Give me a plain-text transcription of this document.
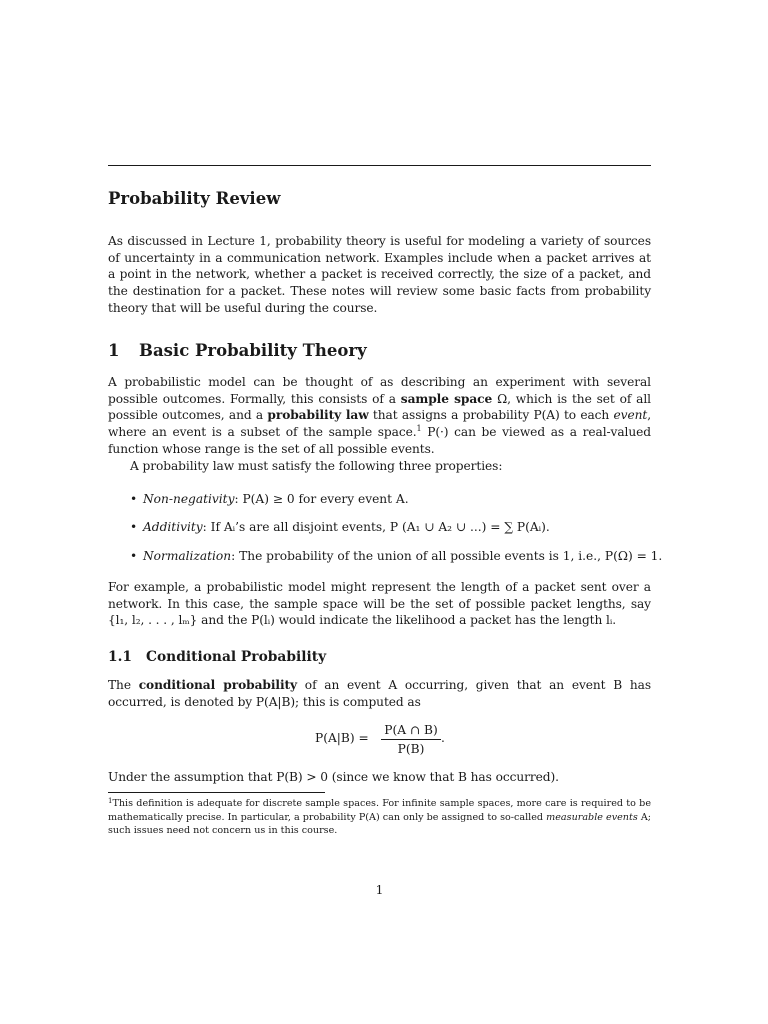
Probability Review

As discussed in Lecture 1, probability theory is useful for modeling a variety of sources of uncertainty in a communication network. Examples include when a packet arrives at a point in the network, whether a packet is received correctly, the size of a packet, and the destination for a packet. These notes will review some basic facts from probability theory that will be useful during the course.

1 Basic Probability Theory

A probabilistic model can be thought of as describing an experiment with several possible outcomes. Formally, this consists of a sample space Ω, which is the set of all possible outcomes, and a probability law that assigns a probability P(A) to each event, where an event is a subset of the sample space.$^1$ P(·) can be viewed as a real-valued function whose range is the set of all possible events.

A probability law must satisfy the following three properties:

• Non-negativity: P(A) ≥ 0 for every event A.
• Additivity: If Aᵢ’s are all disjoint events, P (A₁ ∪ A₂ ∪ ...) = ∑ P(Aᵢ).
• Normalization: The probability of the union of all possible events is 1, i.e., P(Ω) = 1.

For example, a probabilistic model might represent the length of a packet sent over a network. In this case, the sample space will be the set of possible packet lengths, say {l₁, l₂, . . . , lₘ} and the P(lᵢ) would indicate the likelihood a packet has the length lᵢ.

1.1 Conditional Probability

The conditional probability of an event A occurring, given that an event B has occurred, is denoted by P(A|B); this is computed as

P(A|B) =
P(A ∩ B)
P(B)
.

Under the assumption that P(B) > 0 (since we know that B has occurred).

$^1$This definition is adequate for discrete sample spaces. For infinite sample spaces, more care is required to be mathematically precise. In particular, a probability P(A) can only be assigned to so-called measurable events A; such issues need not concern us in this course.

1
